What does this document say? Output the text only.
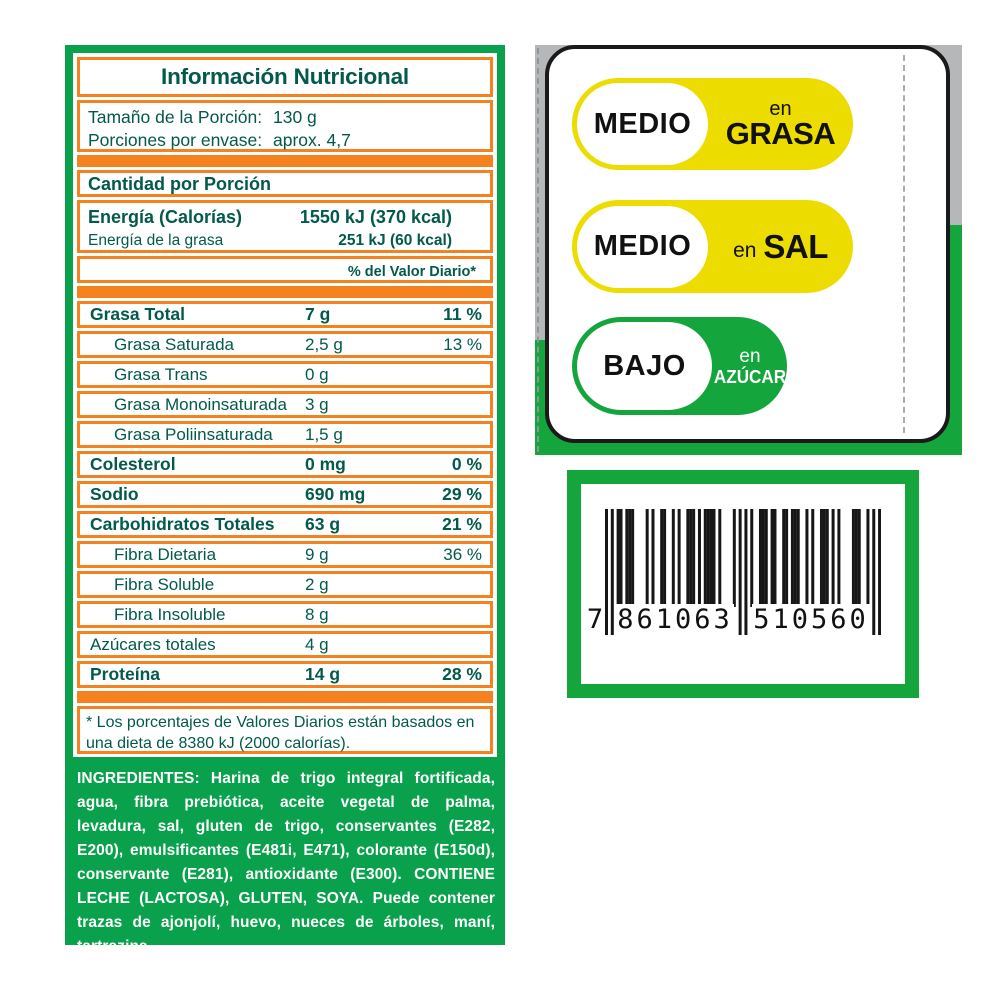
Información Nutricional
Tamaño de la Porción: 130 g
Porciones por envase: aprox. 4,7
Cantidad por Porción
Energía (Calorías)	1550 kJ (370 kcal)
Energía de la grasa	251 kJ (60 kcal)
% del Valor Diario*
Grasa Total	7 g	11 %
Grasa Saturada	2,5 g	13 %
Grasa Trans	0 g
Grasa Monoinsaturada	3 g
Grasa Poliinsaturada	1,5 g
Colesterol	0 mg	0 %
Sodio	690 mg	29 %
Carbohidratos Totales	63 g	21 %
Fibra Dietaria	9 g	36 %
Fibra Soluble	2 g
Fibra Insoluble	8 g
Azúcares totales	4 g
Proteína	14 g	28 %
* Los porcentajes de Valores Diarios están basados en una dieta de 8380 kJ (2000 calorías).
INGREDIENTES: Harina de trigo integral fortificada, agua, fibra prebiótica, aceite vegetal de palma, levadura, sal, gluten de trigo, conservantes (E282, E200), emulsificantes (E481i, E471), colorante (E150d), conservante (E281), antioxidante (E300). CONTIENE LECHE (LACTOSA), GLUTEN, SOYA. Puede contener trazas de ajonjolí, huevo, nueces de árboles, maní, tartrazina.
MEDIO	en
GRASA
MEDIO en SAL
BAJO	en
AZÚCAR
7 861063 510560
